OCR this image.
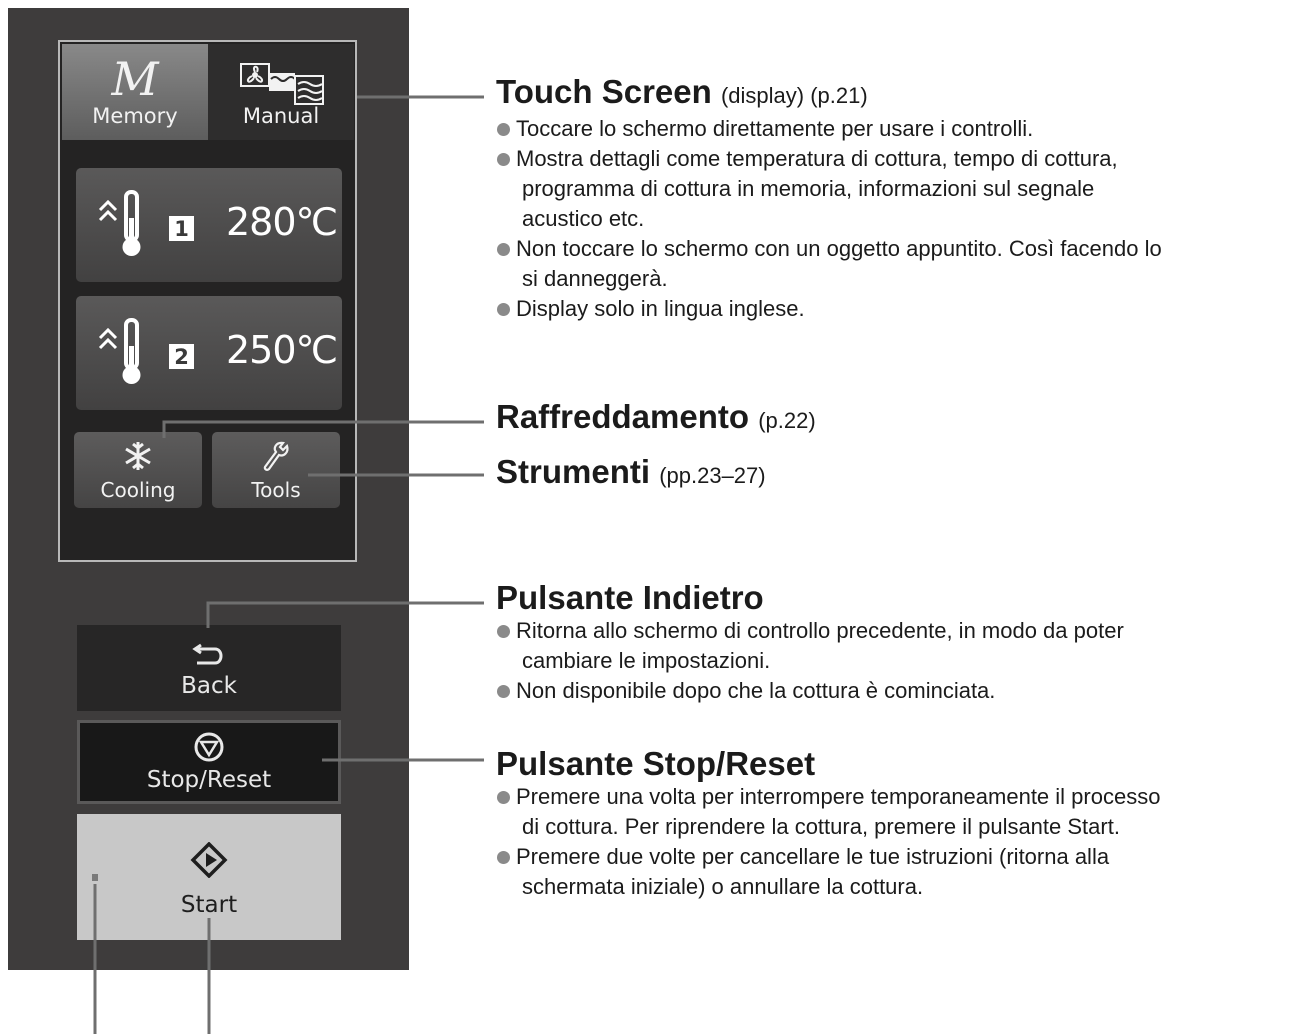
M
Memory	Manual
1 280℃
2 250℃
Cooling	Tools
Back
Stop/Reset
Start
Touch Screen (display) (p.21)
Toccare lo schermo direttamente per usare i controlli.
Mostra dettagli come temperatura di cottura, tempo di cottura,
programma di cottura in memoria, informazioni sul segnale
acustico etc.
Non toccare lo schermo con un oggetto appuntito. Così facendo lo
si danneggerà.
Display solo in lingua inglese.
Raffreddamento (p.22)
Strumenti (pp.23–27)
Pulsante Indietro
Ritorna allo schermo di controllo precedente, in modo da poter
cambiare le impostazioni.
Non disponibile dopo che la cottura è cominciata.
Pulsante Stop/Reset
Premere una volta per interrompere temporaneamente il processo
di cottura. Per riprendere la cottura, premere il pulsante Start.
Premere due volte per cancellare le tue istruzioni (ritorna alla
schermata iniziale) o annullare la cottura.
